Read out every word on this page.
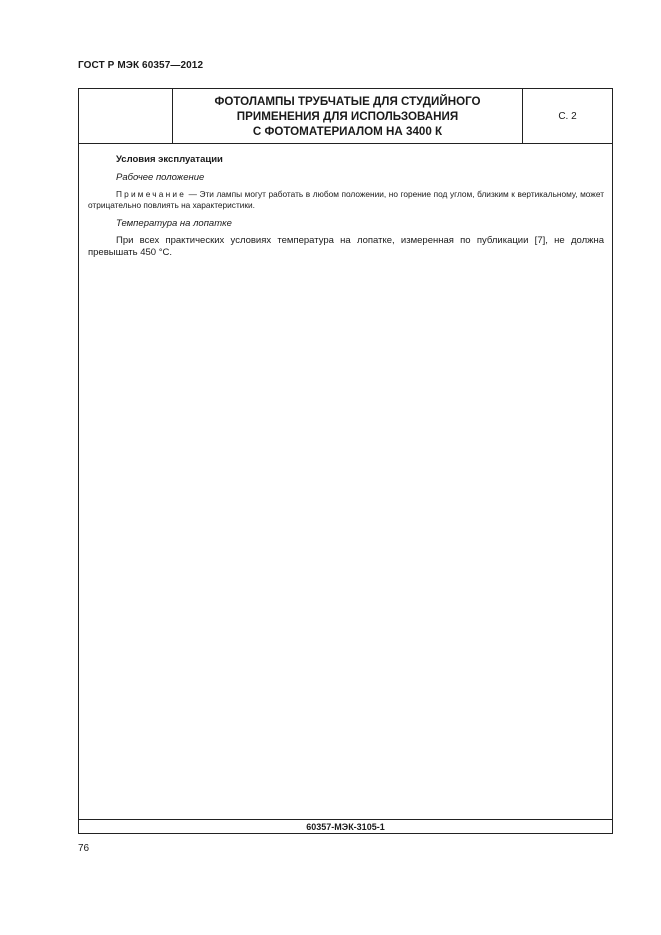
ГОСТ Р МЭК 60357—2012
ФОТОЛАМПЫ ТРУБЧАТЫЕ ДЛЯ СТУДИЙНОГО
ПРИМЕНЕНИЯ ДЛЯ ИСПОЛЬЗОВАНИЯ
С ФОТОМАТЕРИАЛОМ НА 3400 К
С. 2

Условия эксплуатации

Рабочее положение

Примечание — Эти лампы могут работать в любом положении, но горение под углом, близким к вертикальному, может отрицательно повлиять на характеристики.

Температура на лопатке

При всех практических условиях температура на лопатке, измеренная по публикации [7], не должна превышать 450 °С.

60357-МЭК-3105-1
76
